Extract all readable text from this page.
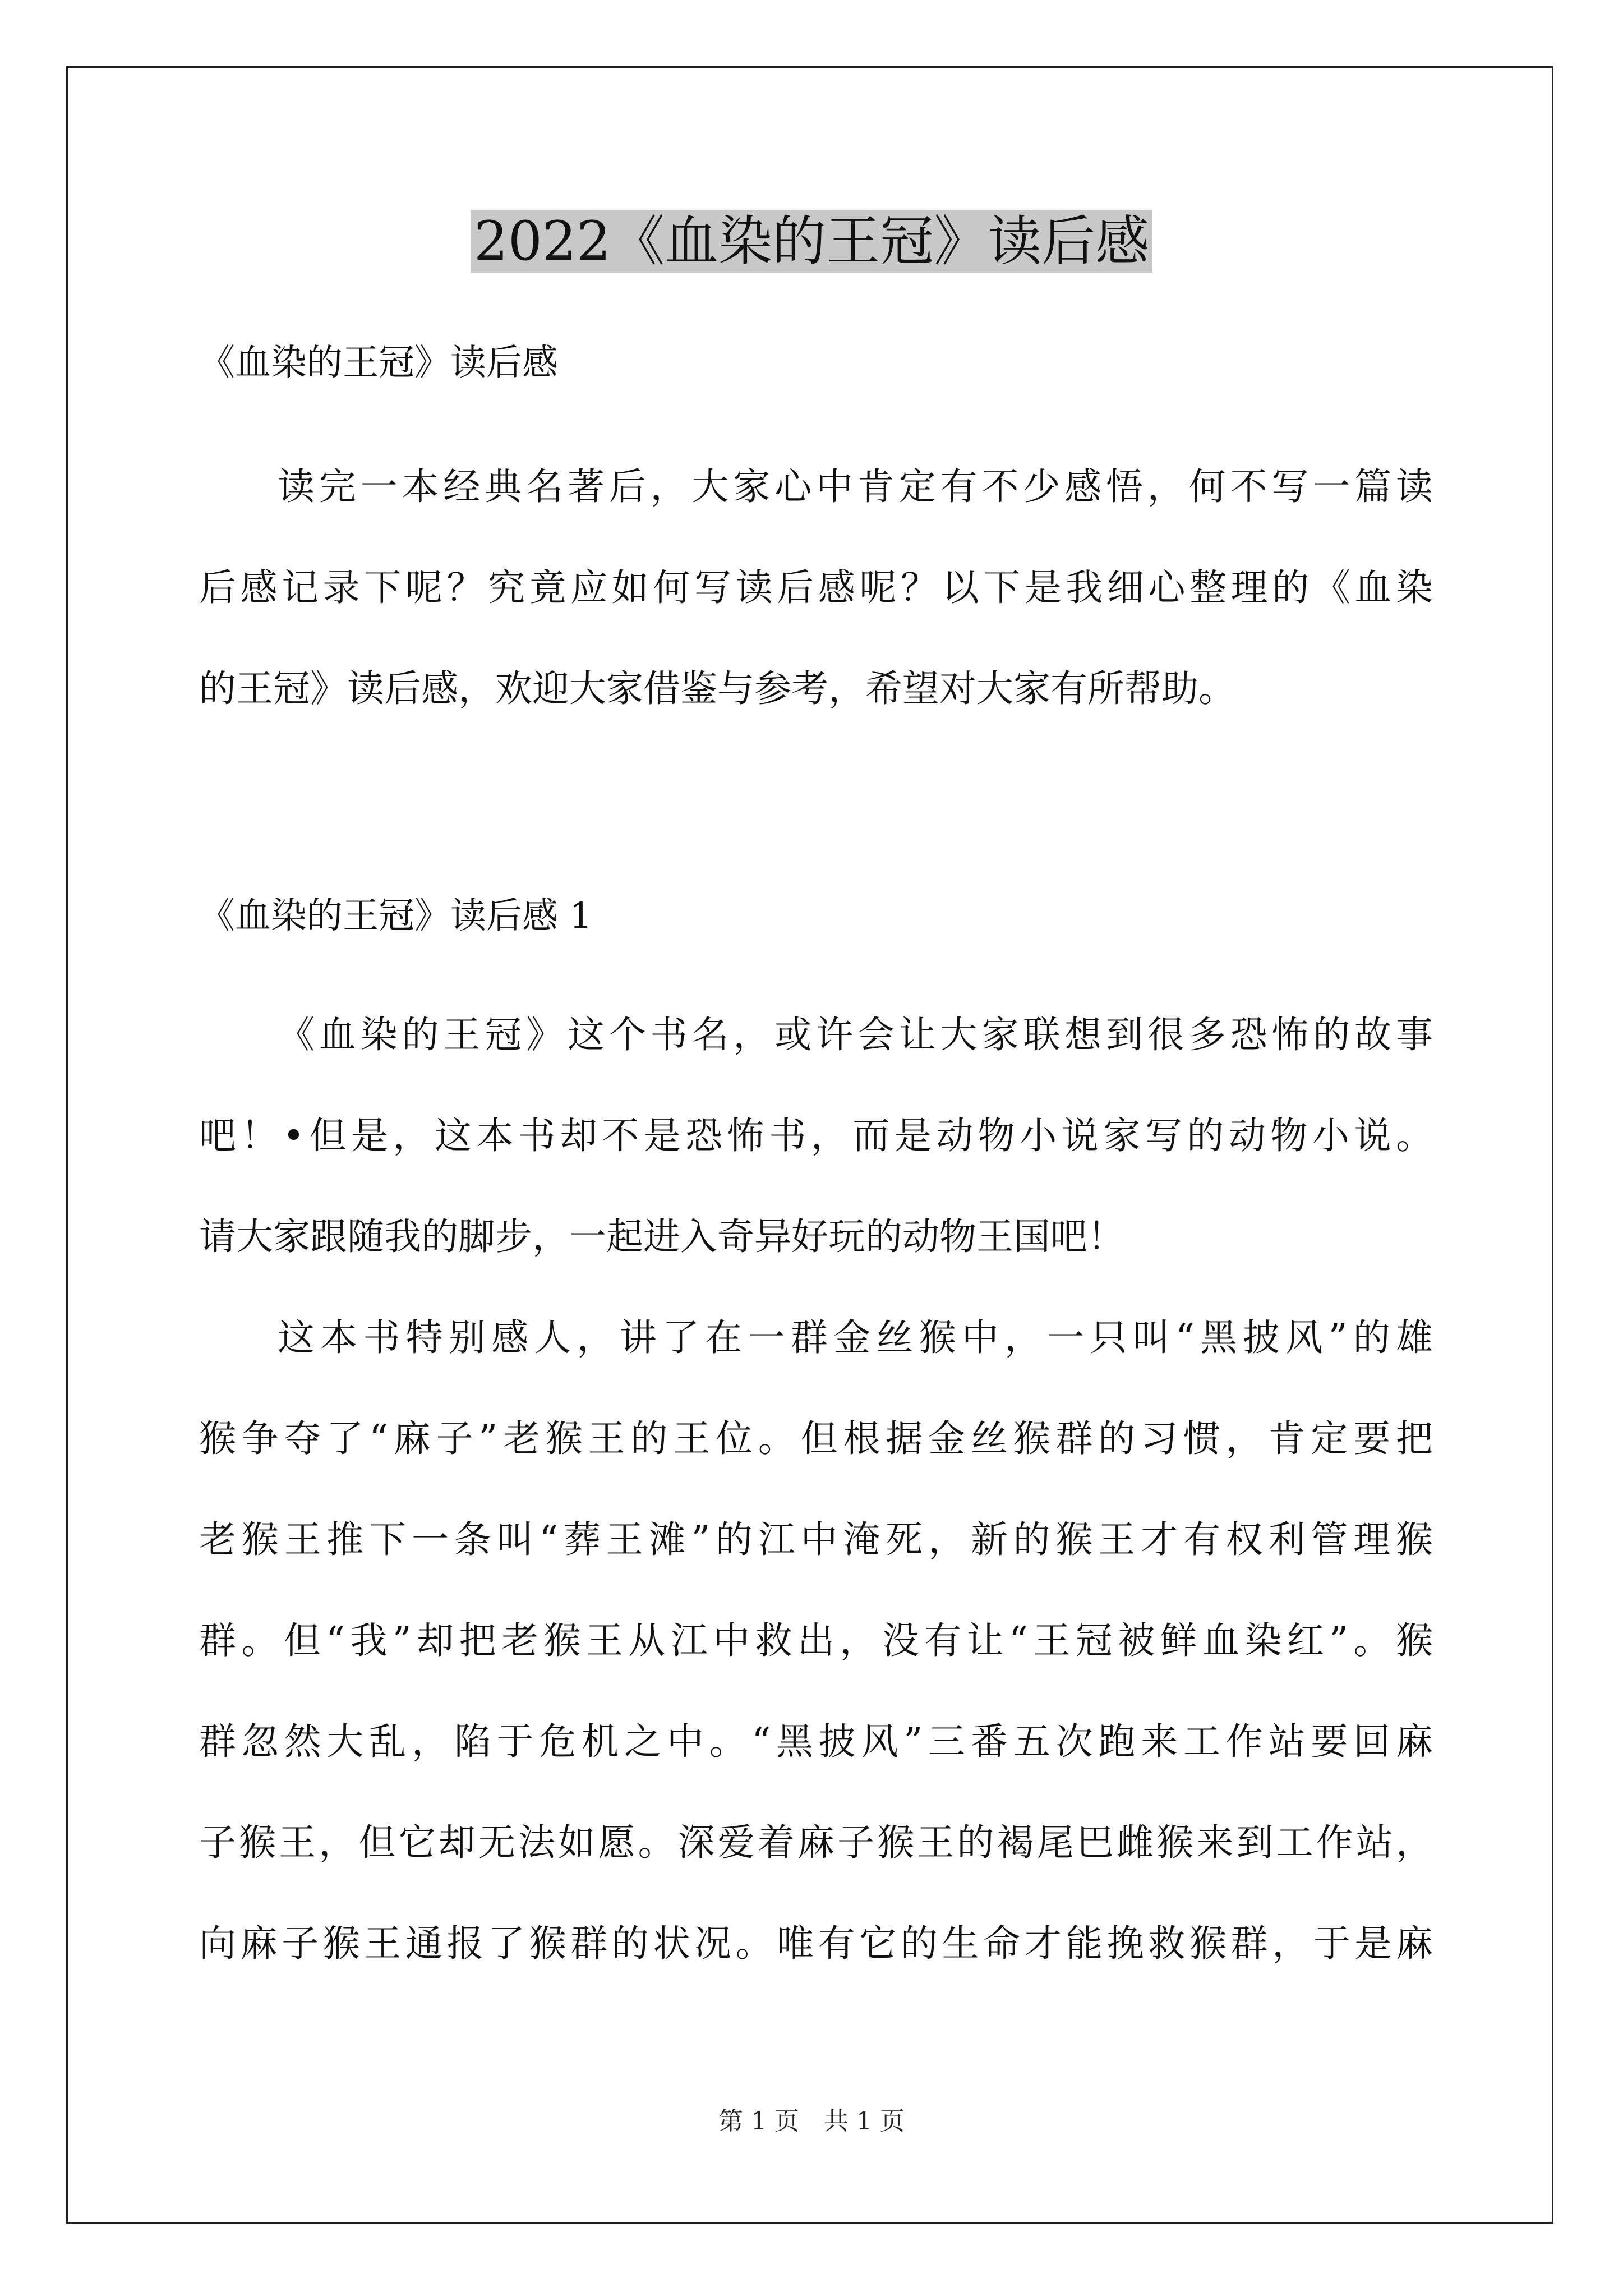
2022《血染的王冠》读后感
《血染的王冠》读后感
读完一本经典名著后，大家心中肯定有不少感悟，何不写一篇读
后感记录下呢？究竟应如何写读后感呢？以下是我细心整理的《血染
的王冠》读后感，欢迎大家借鉴与参考，希望对大家有所帮助。
《血染的王冠》读后感 1
《血染的王冠》这个书名，或许会让大家联想到很多恐怖的故事
吧！•但是，这本书却不是恐怖书，而是动物小说家写的动物小说。
请大家跟随我的脚步，一起进入奇异好玩的动物王国吧！
这本书特别感人，讲了在一群金丝猴中，一只叫“黑披风”的雄
猴争夺了“麻子”老猴王的王位。但根据金丝猴群的习惯，肯定要把
老猴王推下一条叫“葬王滩”的江中淹死，新的猴王才有权利管理猴
群。但“我”却把老猴王从江中救出，没有让“王冠被鲜血染红”。猴
群忽然大乱，陷于危机之中。“黑披风”三番五次跑来工作站要回麻
子猴王，但它却无法如愿。深爱着麻子猴王的褐尾巴雌猴来到工作站，
向麻子猴王通报了猴群的状况。唯有它的生命才能挽救猴群，于是麻
第 1 页　共 1 页
